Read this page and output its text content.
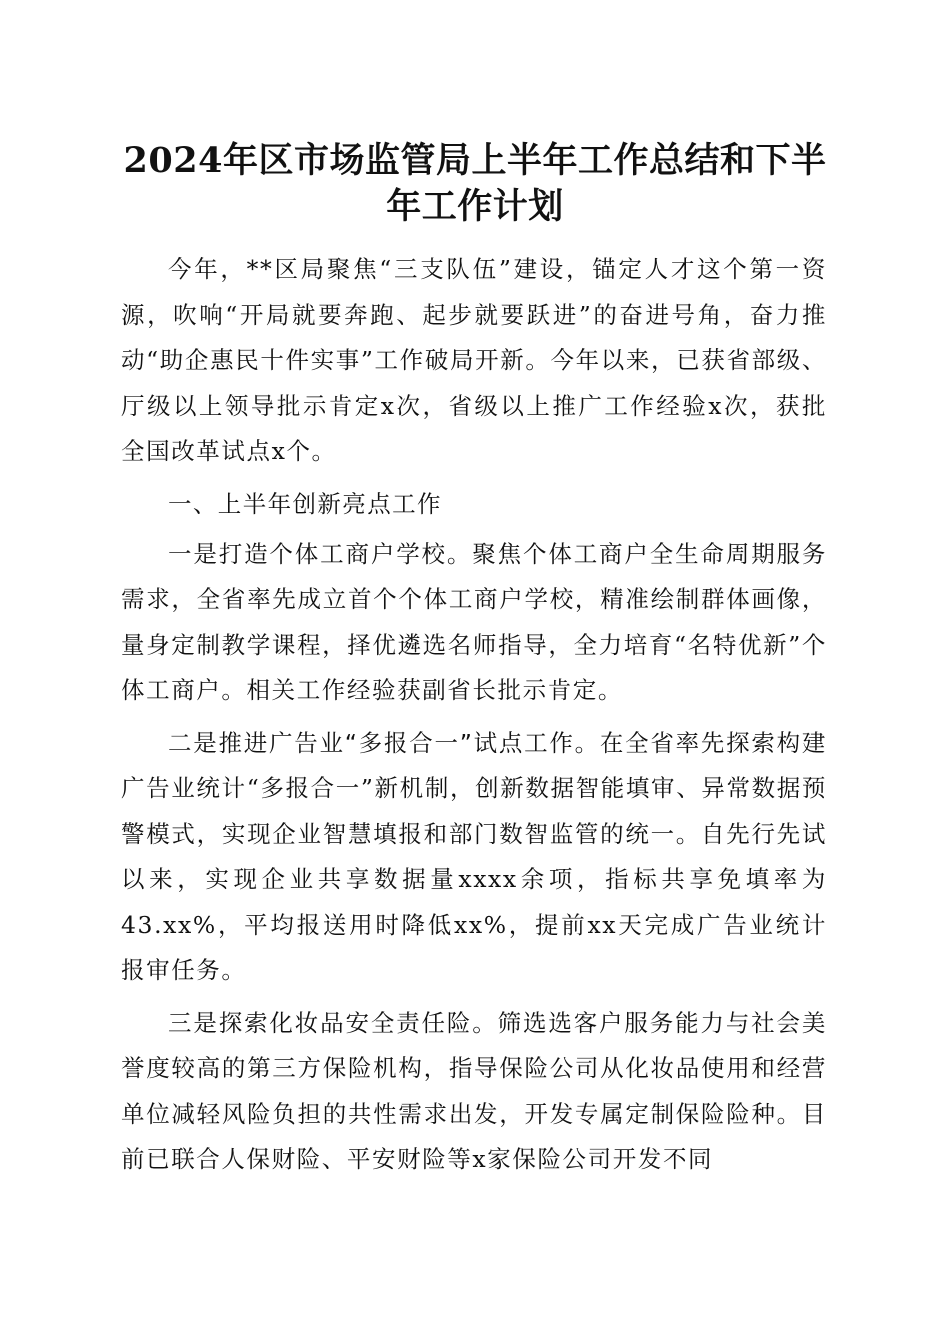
2024年区市场监管局上半年工作总结和下半年工作计划

今年，**区局聚焦“三支队伍”建设，锚定人才这个第一资源，吹响“开局就要奔跑、起步就要跃进”的奋进号角，奋力推动“助企惠民十件实事”工作破局开新。今年以来，已获省部级、厅级以上领导批示肯定x次，省级以上推广工作经验x次，获批全国改革试点x个。

一、上半年创新亮点工作

一是打造个体工商户学校。聚焦个体工商户全生命周期服务需求，全省率先成立首个个体工商户学校，精准绘制群体画像，量身定制教学课程，择优遴选名师指导，全力培育“名特优新”个体工商户。相关工作经验获副省长批示肯定。

二是推进广告业“多报合一”试点工作。在全省率先探索构建广告业统计“多报合一”新机制，创新数据智能填审、异常数据预警模式，实现企业智慧填报和部门数智监管的统一。自先行先试以来，实现企业共享数据量xxxx余项，指标共享免填率为43.xx%，平均报送用时降低xx%，提前xx天完成广告业统计报审任务。

三是探索化妆品安全责任险。筛选选客户服务能力与社会美誉度较高的第三方保险机构，指导保险公司从化妆品使用和经营单位减轻风险负担的共性需求出发，开发专属定制保险险种。目前已联合人保财险、平安财险等x家保险公司开发不同
